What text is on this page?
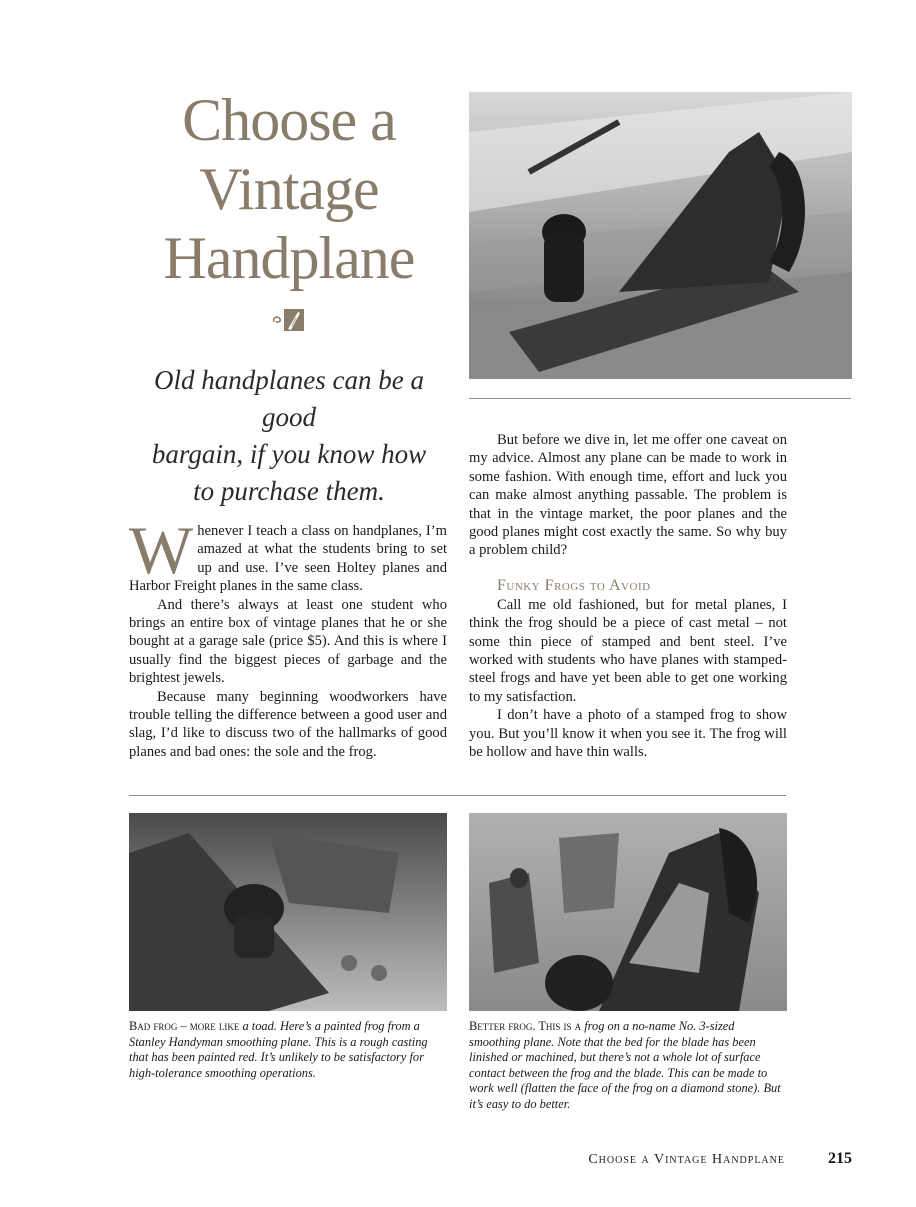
Choose a
Vintage
Handplane
Old handplanes can be a good
bargain, if you know how
to purchase them.

Whenever I teach a class on handplanes, I’m amazed at what the students bring to set up and use. I’ve seen Holtey planes and Harbor Freight planes in the same class.

And there’s always at least one student who brings an entire box of vintage planes that he or she bought at a garage sale (price $5). And this is where I usually find the biggest pieces of garbage and the brightest jewels.

Because many beginning woodworkers have trouble telling the difference between a good user and slag, I’d like to discuss two of the hallmarks of good planes and bad ones: the sole and the frog.

But before we dive in, let me offer one caveat on my advice. Almost any plane can be made to work in some fashion. With enough time, effort and luck you can make almost anything passable. The problem is that in the vintage market, the poor planes and the good planes might cost exactly the same. So why buy a problem child?

Funky Frogs to Avoid

Call me old fashioned, but for metal planes, I think the frog should be a piece of cast metal – not some thin piece of stamped and bent steel. I’ve worked with students who have planes with stamped-steel frogs and have yet been able to get one working to my satisfaction.

I don’t have a photo of a stamped frog to show you. But you’ll know it when you see it. The frog will be hollow and have thin walls.

Bad frog – more like a toad. Here’s a painted frog from a Stanley Handyman smoothing plane. This is a rough casting that has been painted red. It’s unlikely to be satisfactory for high-tolerance smoothing operations.
Better frog. This is a frog on a no-name No. 3-sized smoothing plane. Note that the bed for the blade has been linished or machined, but there’s not a whole lot of surface contact between the frog and the blade. This can be made to work well (flatten the face of the frog on a diamond stone). But it’s easy to do better.
Choose a Vintage Handplane	215
